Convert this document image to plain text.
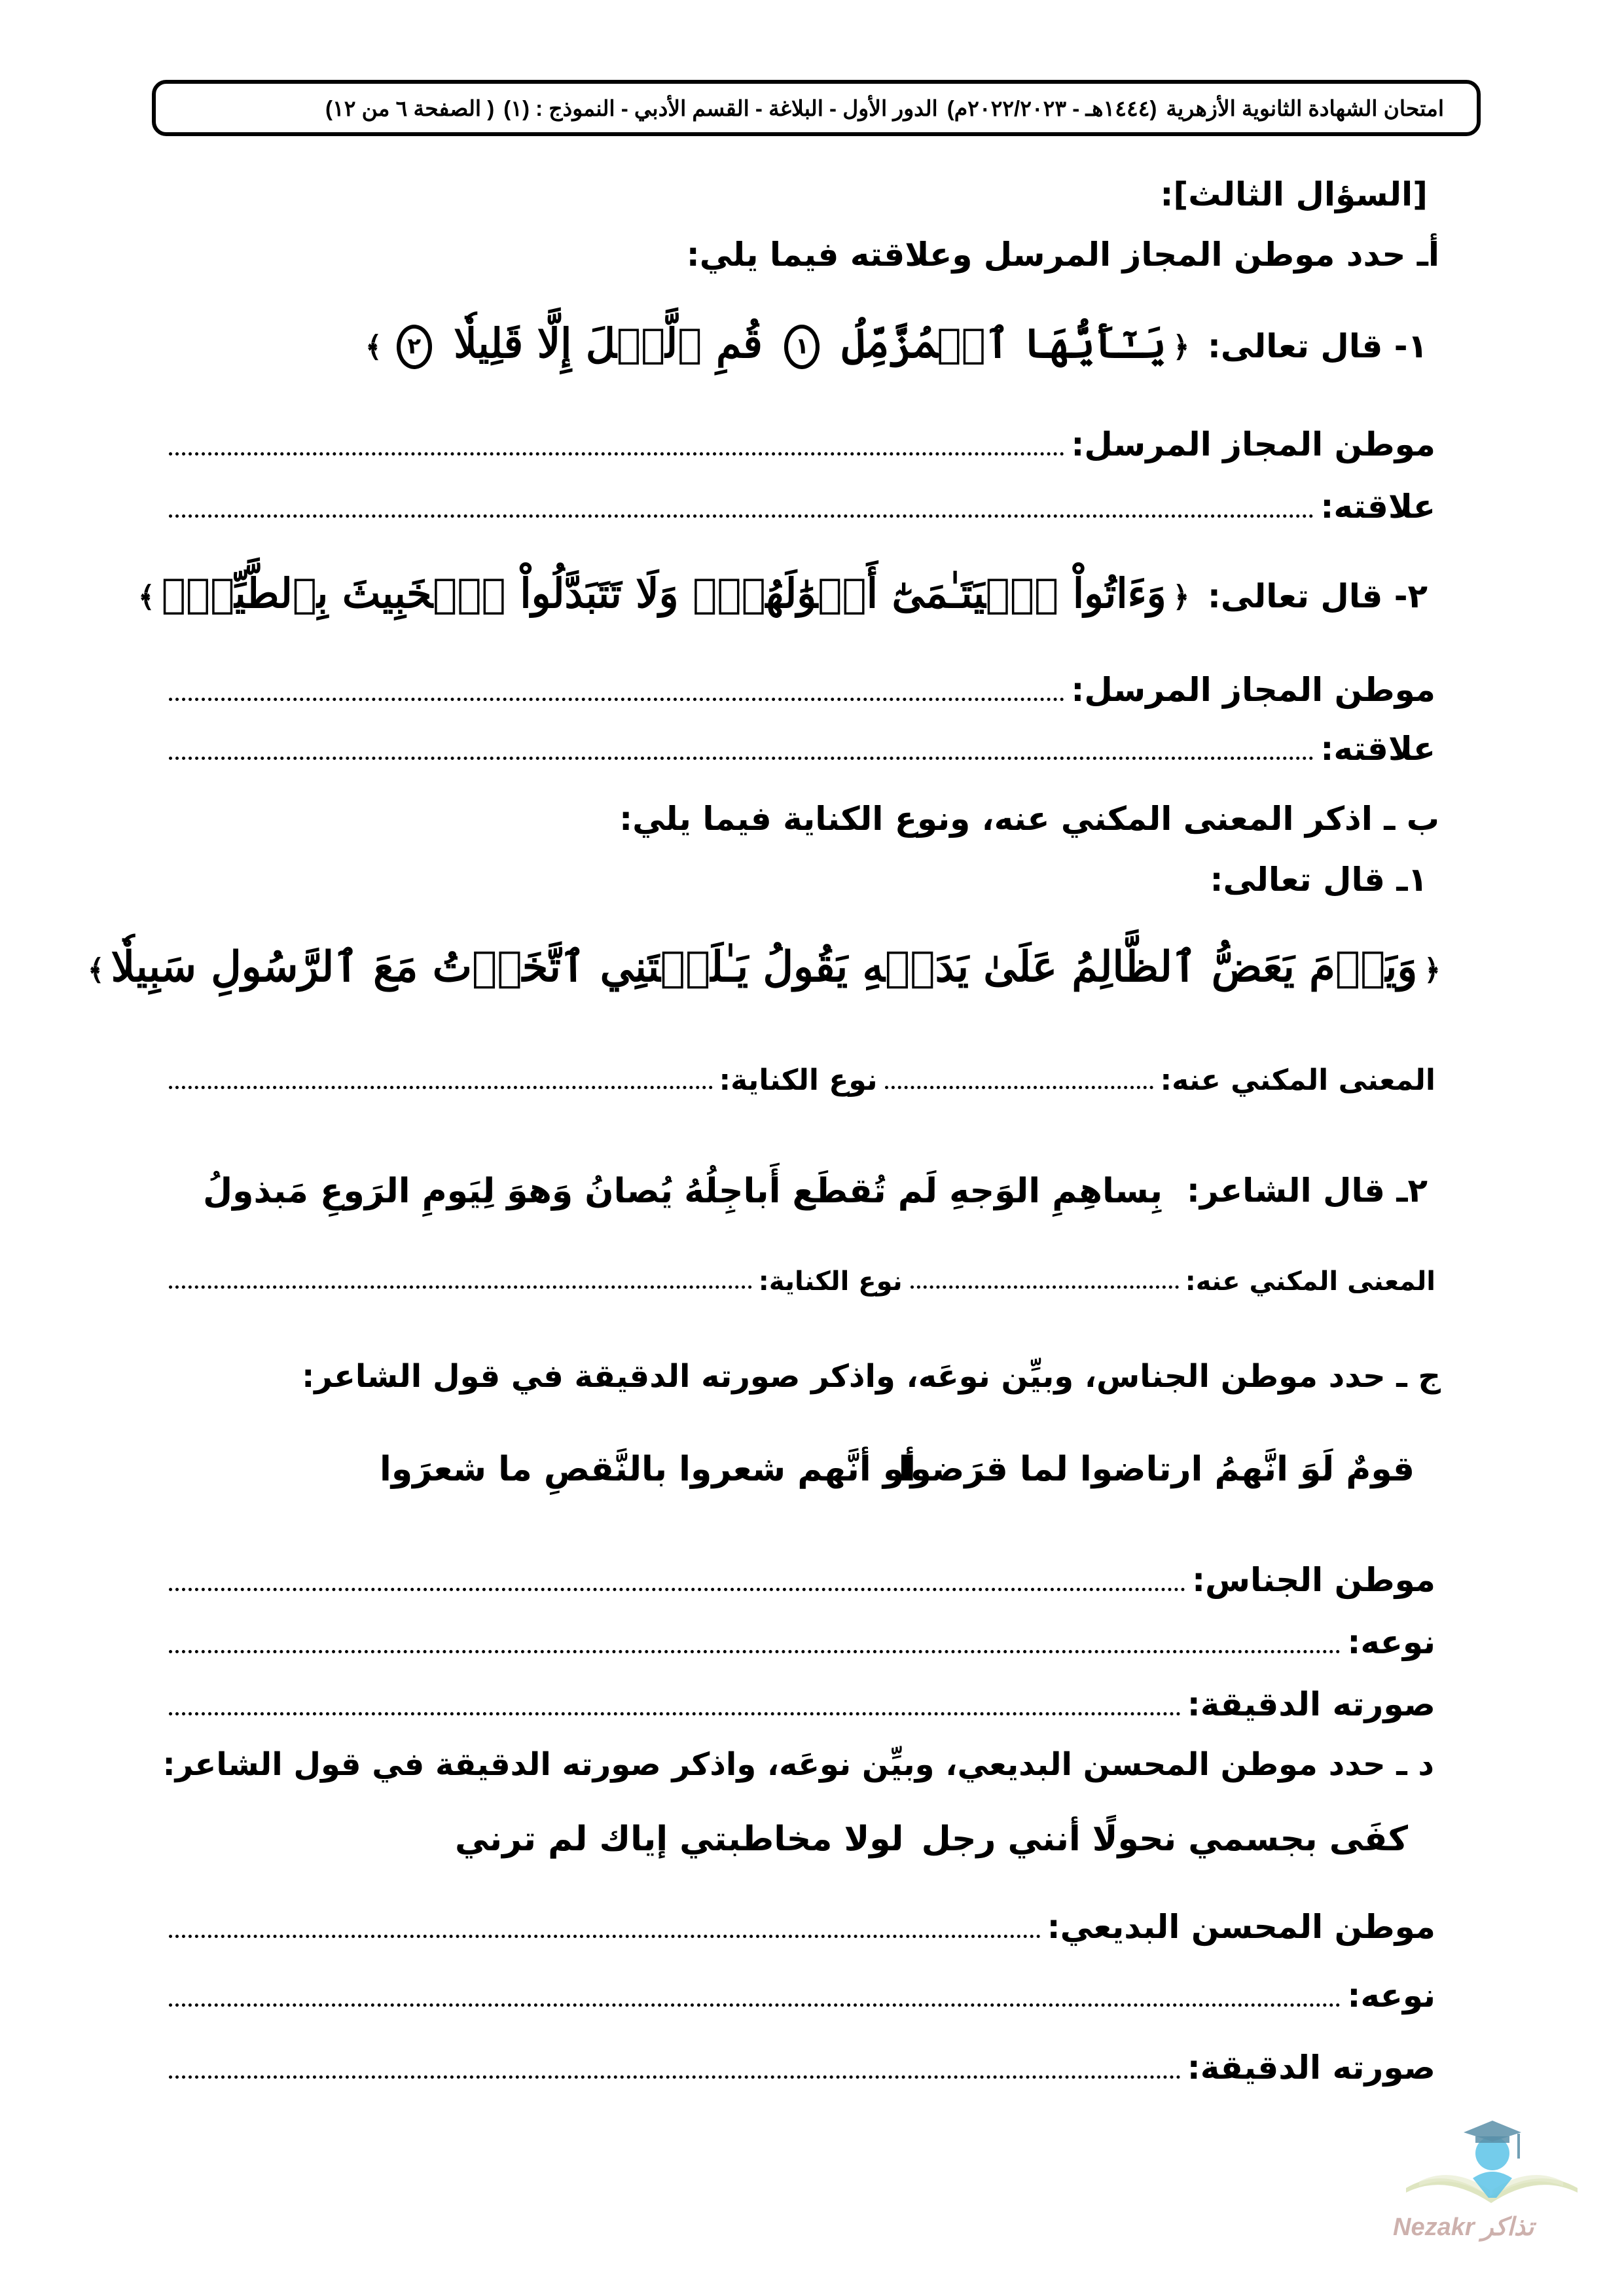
امتحان الشهادة الثانوية الأزهرية
(١٤٤٤هـ - ٢٠٢٢/٢٠٢٣م)
الدور الأول - البلاغة - القسم الأدبي - النموذج : (١)
( الصفحة ٦ من ١٢)
[السؤال الثالث]:
أـ حدد موطن المجاز المرسل وعلاقته فيما يلي:
١- قال تعالى: ﴿يَـٰٓأَيُّهَا ٱلۡمُزَّمِّلُ ١ قُمِ ٱلَّيۡلَ إِلَّا قَلِيلٗا ٢﴾
موطن المجاز المرسل:
علاقته:
٢- قال تعالى: ﴿وَءَاتُواْ ٱلۡيَتَـٰمَىٰٓ أَمۡوَٰلَهُمۡۖ وَلَا تَتَبَدَّلُواْ ٱلۡخَبِيثَ بِٱلطَّيِّبِۖ﴾
موطن المجاز المرسل:
علاقته:
ب ـ اذكر المعنى المكني عنه، ونوع الكناية فيما يلي:
١ـ قال تعالى:
﴿وَيَوۡمَ يَعَضُّ ٱلظَّالِمُ عَلَىٰ يَدَيۡهِ يَقُولُ يَـٰلَيۡتَنِي ٱتَّخَذۡتُ مَعَ ٱلرَّسُولِ سَبِيلٗا﴾
المعنى المكني عنه:
نوع الكناية:
٢ـ قال الشاعر:
بِساهِمِ الوَجهِ لَم تُقطَع أَباجِلُهُ
يُصانُ وَهوَ لِيَومِ الرَوعِ مَبذولُ
المعنى المكني عنه:
نوع الكناية:
ج ـ حدد موطن الجناس، وبيِّن نوعَه، واذكر صورته الدقيقة في قول الشاعر:
قومٌ لَوَ انَّهمُ ارتاضوا لما قرَضوا
أو أنَّهم شعروا بالنَّقصِ ما شعرَوا
موطن الجناس:
نوعه:
صورته الدقيقة:
د ـ حدد موطن المحسن البديعي، وبيِّن نوعَه، واذكر صورته الدقيقة في قول الشاعر:
كفَى بجسمي نحولًا أنني رجل
لولا مخاطبتي إياك لم ترني
موطن المحسن البديعي:
نوعه:
صورته الدقيقة:
Nezakr تذاكر
